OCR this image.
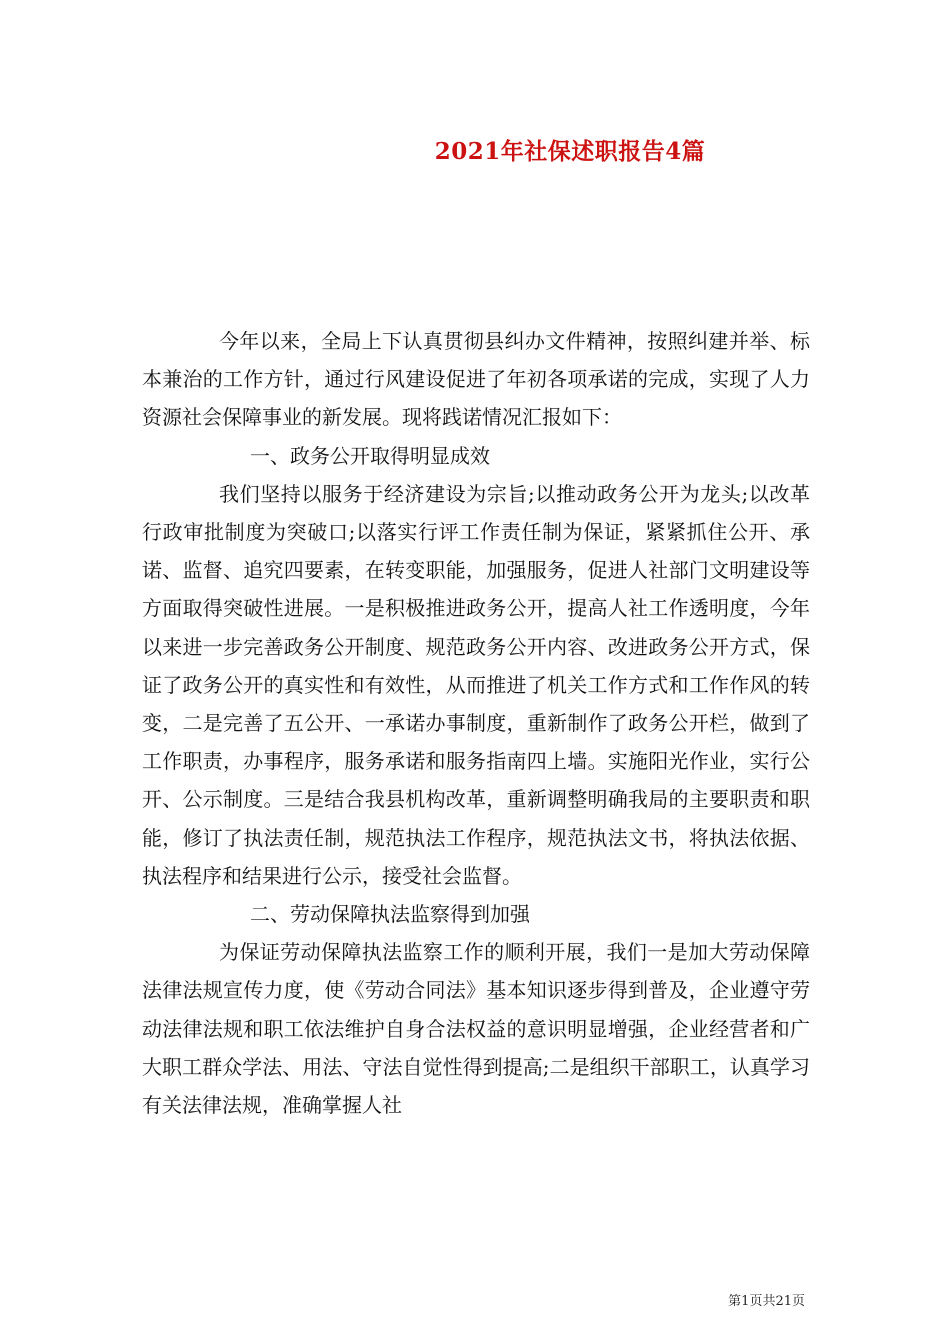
2021年社保述职报告4篇

今年以来，全局上下认真贯彻县纠办文件精神，按照纠建并举、标本兼治的工作方针，通过行风建设促进了年初各项承诺的完成，实现了人力资源社会保障事业的新发展。现将践诺情况汇报如下：

一、政务公开取得明显成效

我们坚持以服务于经济建设为宗旨;以推动政务公开为龙头;以改革行政审批制度为突破口;以落实行评工作责任制为保证，紧紧抓住公开、承诺、监督、追究四要素，在转变职能，加强服务，促进人社部门文明建设等方面取得突破性进展。一是积极推进政务公开，提高人社工作透明度，今年以来进一步完善政务公开制度、规范政务公开内容、改进政务公开方式，保证了政务公开的真实性和有效性，从而推进了机关工作方式和工作作风的转变，二是完善了五公开、一承诺办事制度，重新制作了政务公开栏，做到了工作职责，办事程序，服务承诺和服务指南四上墙。实施阳光作业，实行公开、公示制度。三是结合我县机构改革，重新调整明确我局的主要职责和职能，修订了执法责任制，规范执法工作程序，规范执法文书，将执法依据、执法程序和结果进行公示，接受社会监督。

二、劳动保障执法监察得到加强

为保证劳动保障执法监察工作的顺利开展，我们一是加大劳动保障法律法规宣传力度，使《劳动合同法》基本知识逐步得到普及，企业遵守劳动法律法规和职工依法维护自身合法权益的意识明显增强，企业经营者和广大职工群众学法、用法、守法自觉性得到提高;二是组织干部职工，认真学习有关法律法规，准确掌握人社

第1页共21页
